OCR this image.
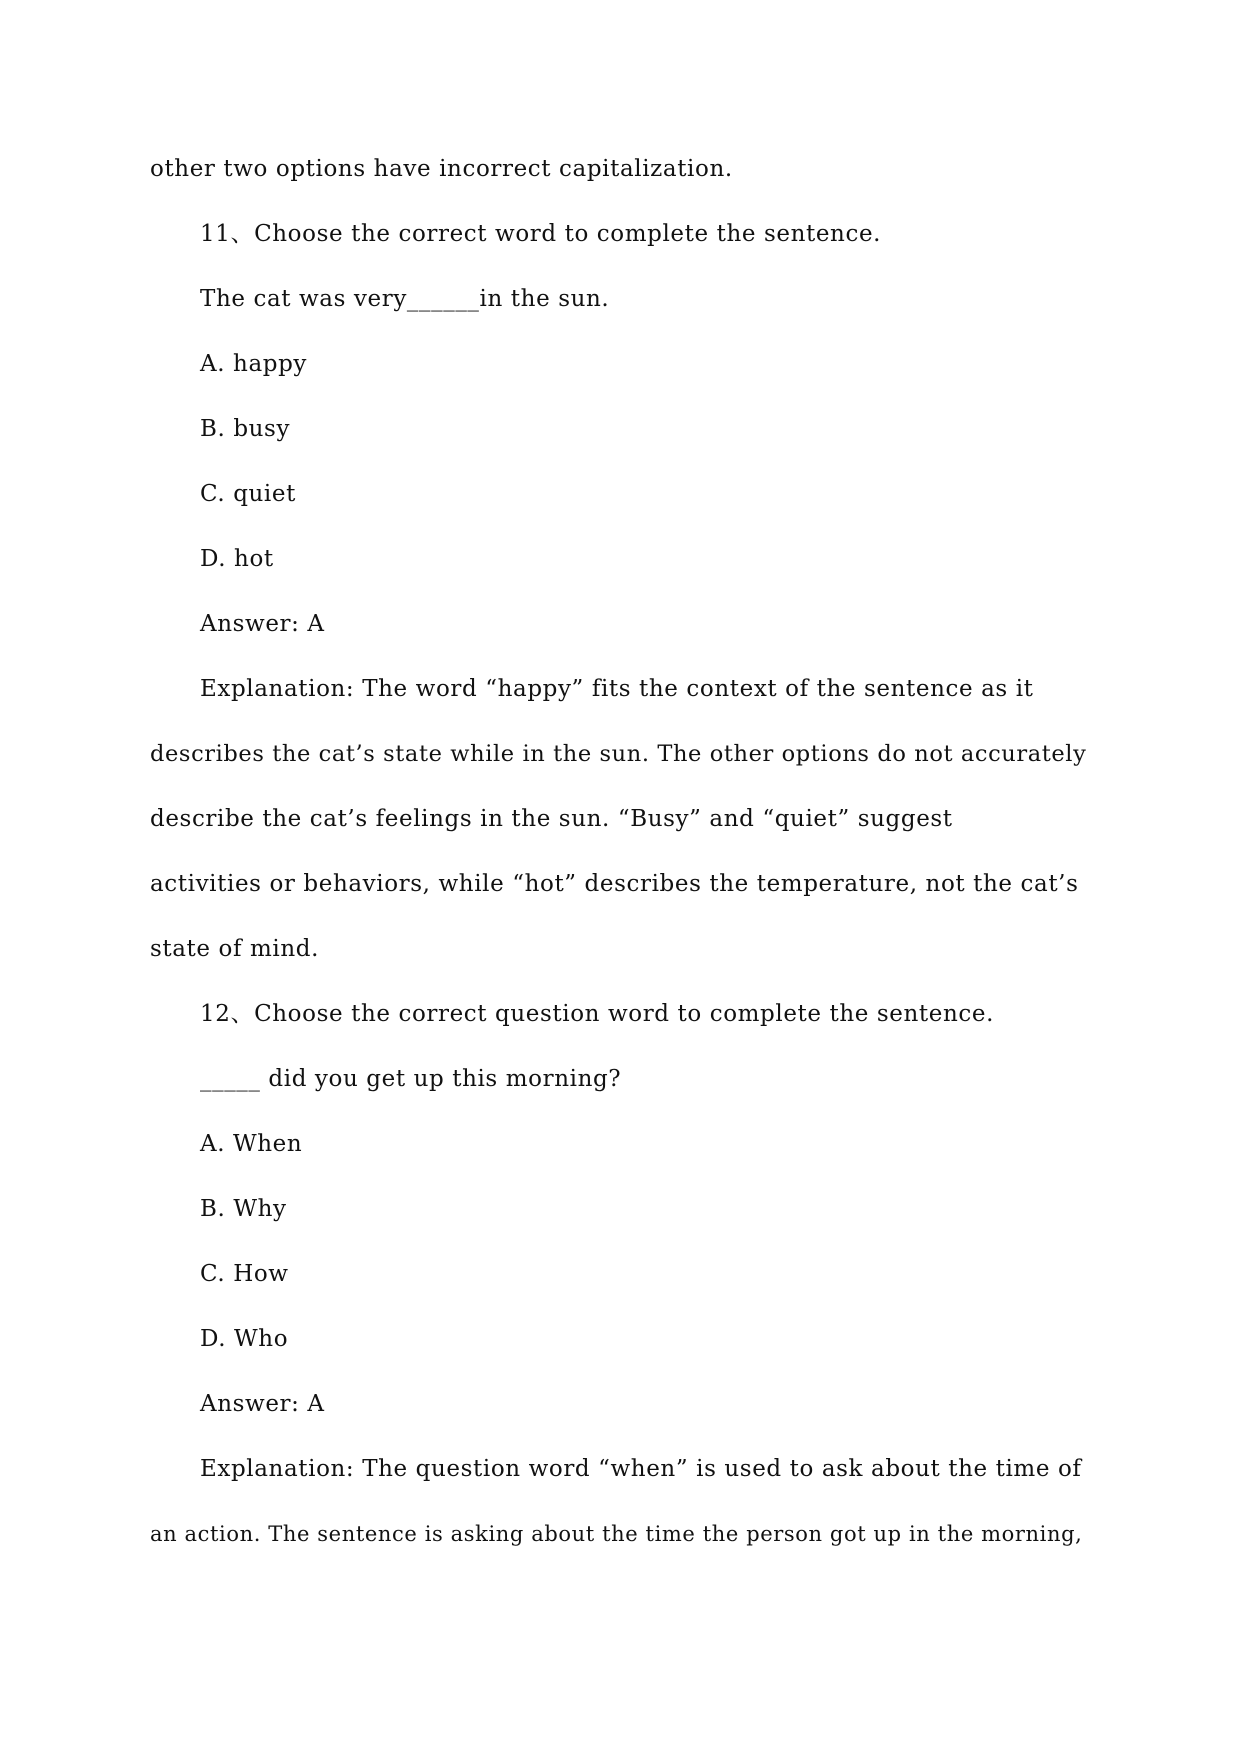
other two options have incorrect capitalization.
11、Choose the correct word to complete the sentence.
The cat was very______in the sun.
A. happy
B. busy
C. quiet
D. hot
Answer: A
Explanation: The word “happy” fits the context of the sentence as it
describes the cat’s state while in the sun. The other options do not accurately
describe the cat’s feelings in the sun. “Busy” and “quiet” suggest
activities or behaviors, while “hot” describes the temperature, not the cat’s
state of mind.
12、Choose the correct question word to complete the sentence.
_____ did you get up this morning?
A. When
B. Why
C. How
D. Who
Answer: A
Explanation: The question word “when” is used to ask about the time of
an action. The sentence is asking about the time the person got up in the morning,
